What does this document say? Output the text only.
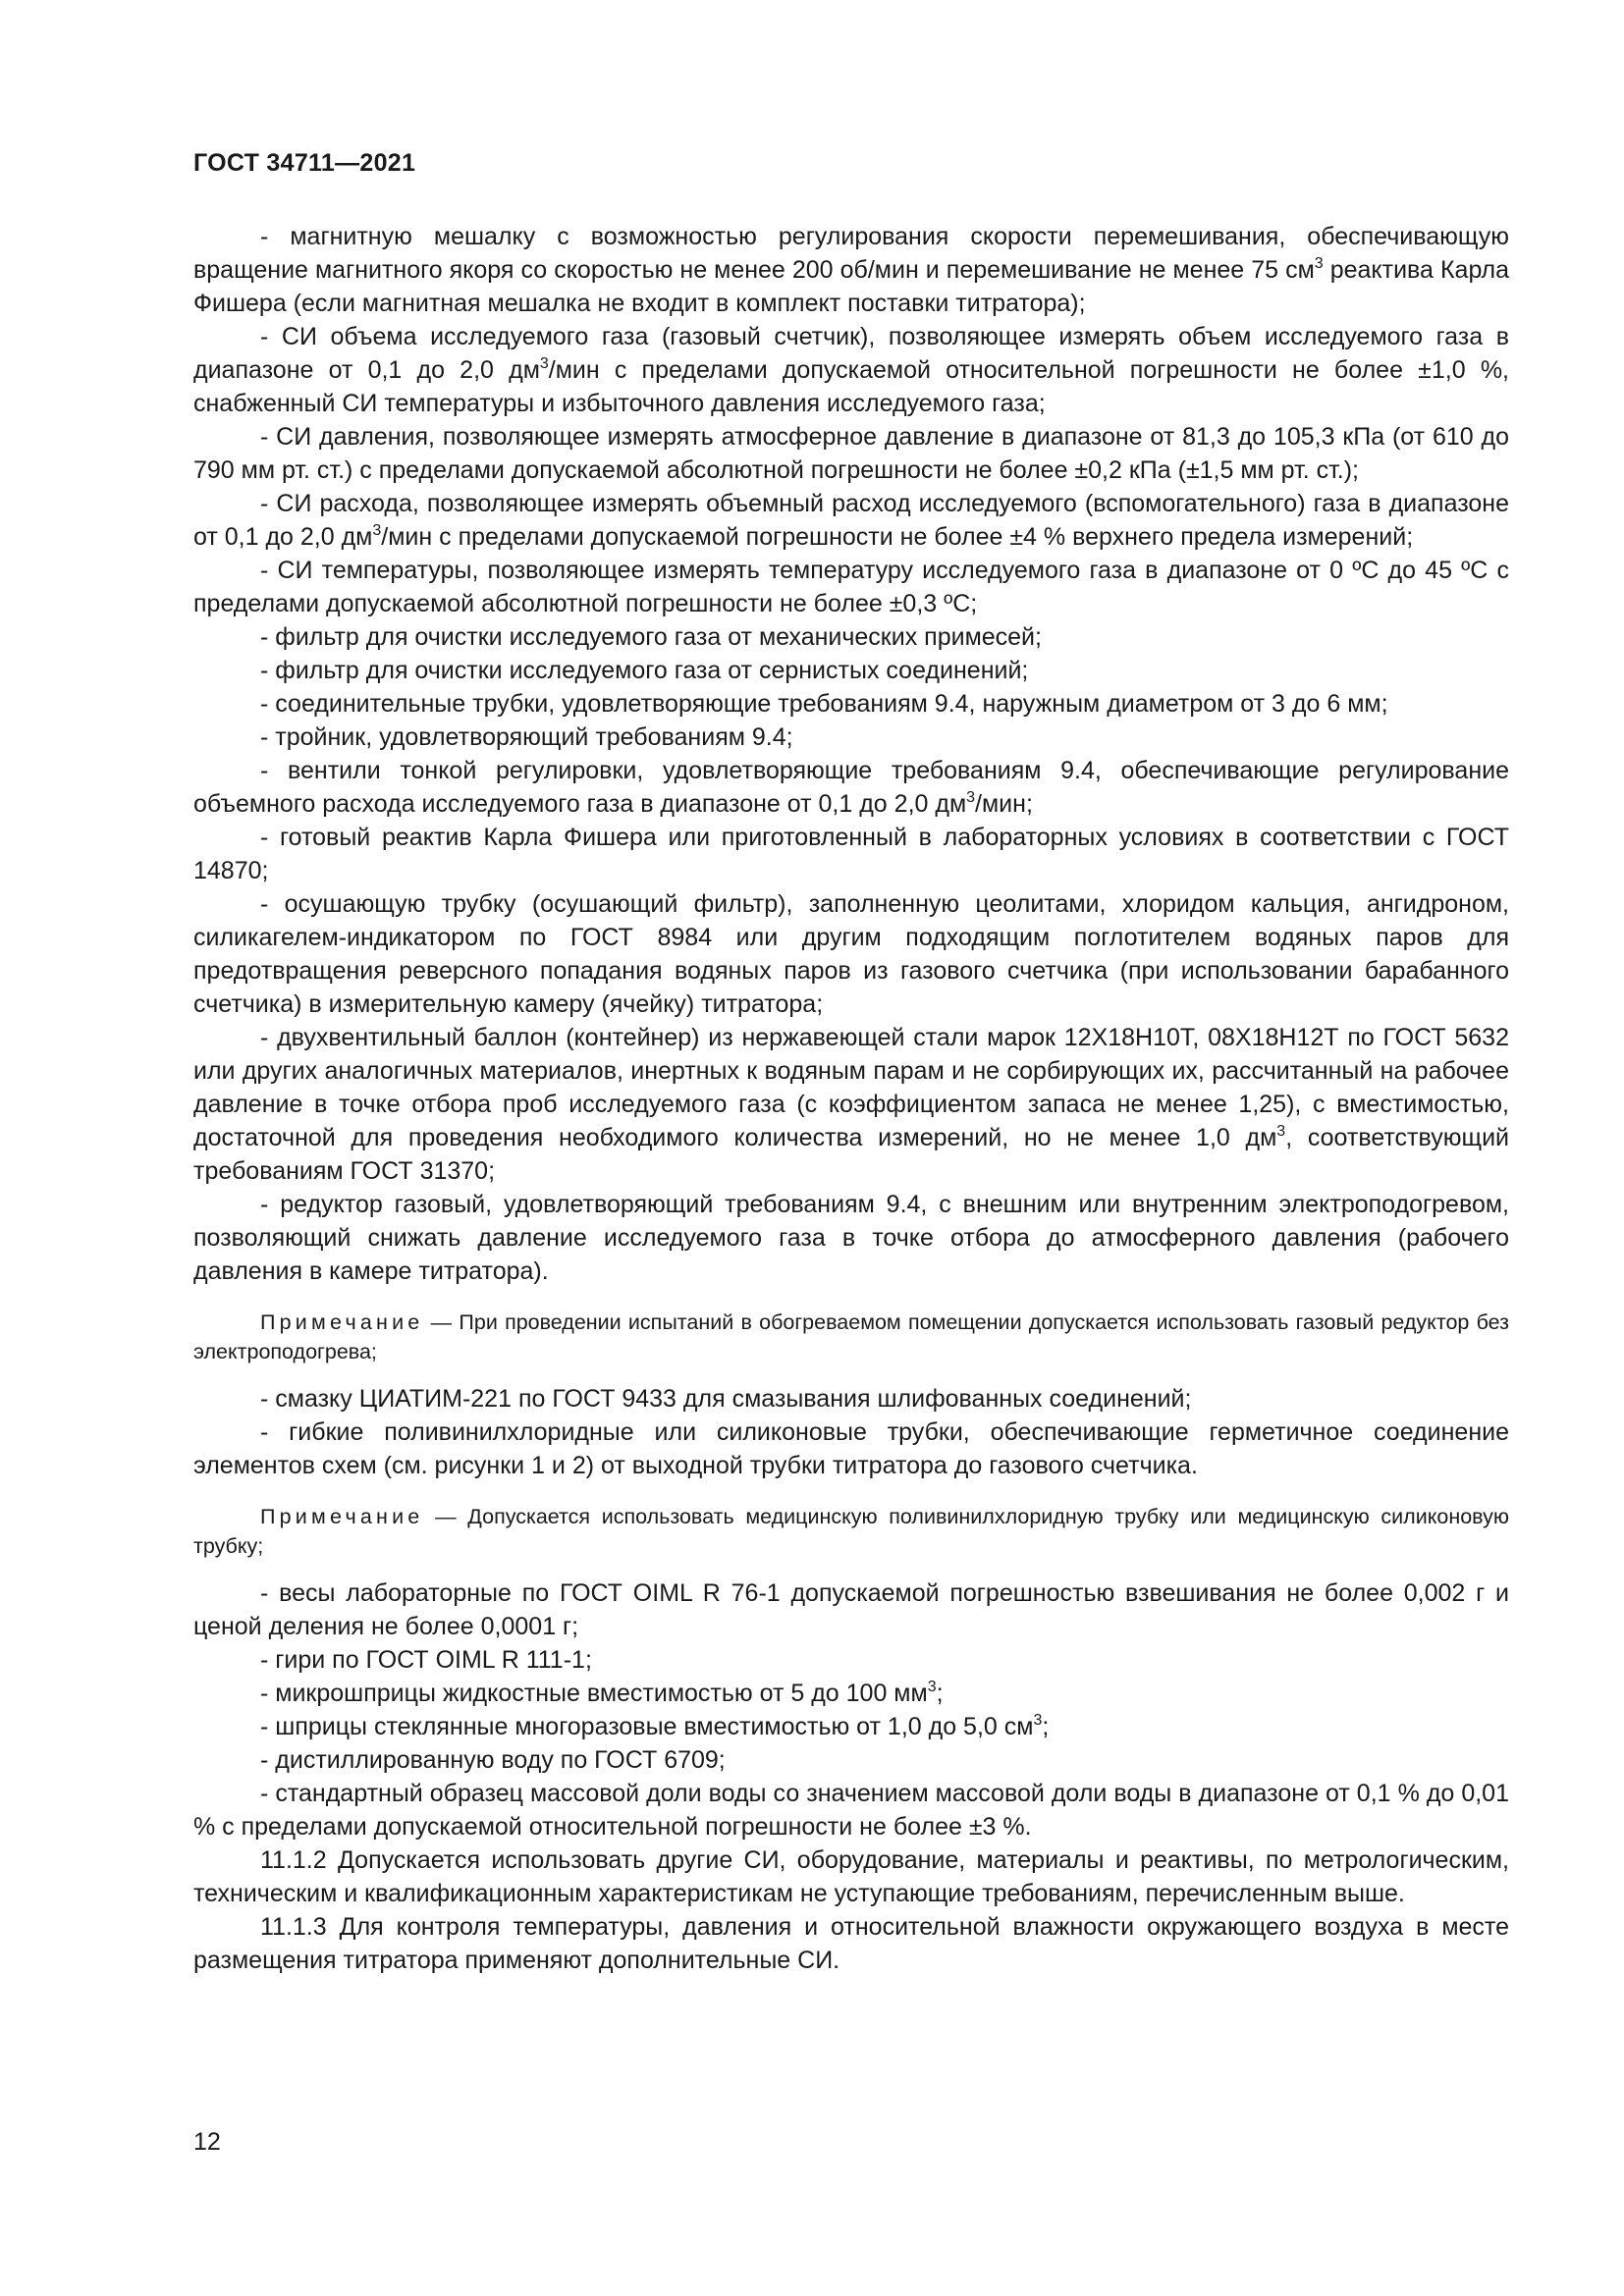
ГОСТ 34711—2021

- магнитную мешалку с возможностью регулирования скорости перемешивания, обеспечивающую вращение магнитного якоря со скоростью не менее 200 об/мин и перемешивание не менее 75 $см^3$ реактива Карла Фишера (если магнитная мешалка не входит в комплект поставки титратора);

- СИ объема исследуемого газа (газовый счетчик), позволяющее измерять объем исследуемого газа в диапазоне от 0,1 до 2,0 $дм^3$/мин с пределами допускаемой относительной погрешности не более ±1,0 %, снабженный СИ температуры и избыточного давления исследуемого газа;

- СИ давления, позволяющее измерять атмосферное давление в диапазоне от 81,3 до 105,3 кПа (от 610 до 790 мм рт. ст.) с пределами допускаемой абсолютной погрешности не более ±0,2 кПа (±1,5 мм рт. ст.);

- СИ расхода, позволяющее измерять объемный расход исследуемого (вспомогательного) газа в диапазоне от 0,1 до 2,0 $дм^3$/мин с пределами допускаемой погрешности не более ±4 % верхнего предела измерений;

- СИ температуры, позволяющее измерять температуру исследуемого газа в диапазоне от 0 ºС до 45 ºС с пределами допускаемой абсолютной погрешности не более ±0,3 ºС;

- фильтр для очистки исследуемого газа от механических примесей;

- фильтр для очистки исследуемого газа от сернистых соединений;

- соединительные трубки, удовлетворяющие требованиям 9.4, наружным диаметром от 3 до 6 мм;

- тройник, удовлетворяющий требованиям 9.4;

- вентили тонкой регулировки, удовлетворяющие требованиям 9.4, обеспечивающие регулирование объемного расхода исследуемого газа в диапазоне от 0,1 до 2,0 $дм^3$/мин;

- готовый реактив Карла Фишера или приготовленный в лабораторных условиях в соответствии с ГОСТ 14870;

- осушающую трубку (осушающий фильтр), заполненную цеолитами, хлоридом кальция, ангидроном, силикагелем-индикатором по ГОСТ 8984 или другим подходящим поглотителем водяных паров для предотвращения реверсного попадания водяных паров из газового счетчика (при использовании барабанного счетчика) в измерительную камеру (ячейку) титратора;

- двухвентильный баллон (контейнер) из нержавеющей стали марок 12Х18Н10Т, 08Х18Н12Т по ГОСТ 5632 или других аналогичных материалов, инертных к водяным парам и не сорбирующих их, рассчитанный на рабочее давление в точке отбора проб исследуемого газа (с коэффициентом запаса не менее 1,25), с вместимостью, достаточной для проведения необходимого количества измерений, но не менее 1,0 $дм^3$, соответствующий требованиям ГОСТ 31370;

- редуктор газовый, удовлетворяющий требованиям 9.4, с внешним или внутренним электроподогревом, позволяющий снижать давление исследуемого газа в точке отбора до атмосферного давления (рабочего давления в камере титратора).

Примечание — При проведении испытаний в обогреваемом помещении допускается использовать газовый редуктор без электроподогрева;

- смазку ЦИАТИМ-221 по ГОСТ 9433 для смазывания шлифованных соединений;

- гибкие поливинилхлоридные или силиконовые трубки, обеспечивающие герметичное соединение элементов схем (см. рисунки 1 и 2) от выходной трубки титратора до газового счетчика.

Примечание — Допускается использовать медицинскую поливинилхлоридную трубку или медицинскую силиконовую трубку;

- весы лабораторные по ГОСТ OIML R 76-1 допускаемой погрешностью взвешивания не более 0,002 г и ценой деления не более 0,0001 г;

- гири по ГОСТ OIML R 111-1;

- микрошприцы жидкостные вместимостью от 5 до 100 $мм^3$;

- шприцы стеклянные многоразовые вместимостью от 1,0 до 5,0 $см^3$;

- дистиллированную воду по ГОСТ 6709;

- стандартный образец массовой доли воды со значением массовой доли воды в диапазоне от 0,1 % до 0,01 % с пределами допускаемой относительной погрешности не более ±3 %.

11.1.2 Допускается использовать другие СИ, оборудование, материалы и реактивы, по метрологическим, техническим и квалификационным характеристикам не уступающие требованиям, перечисленным выше.

11.1.3 Для контроля температуры, давления и относительной влажности окружающего воздуха в месте размещения титратора применяют дополнительные СИ.

12
